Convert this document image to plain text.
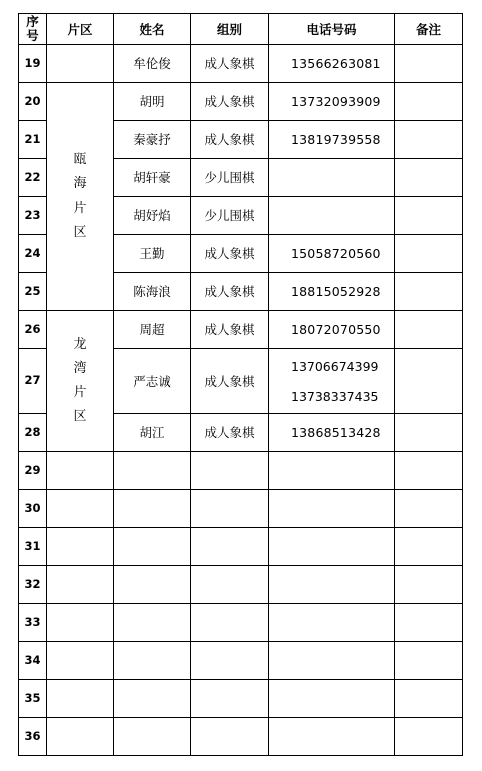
序
号	片区	姓名	组别	电话号码	备注
19		牟伦俊	成人象棋	13566263081	
20	瓯
海
片
区	胡明	成人象棋	13732093909	
21		秦豪抒	成人象棋	13819739558	
22		胡轩豪	少儿围棋		
23		胡妤焰	少儿围棋		
24		王勤	成人象棋	15058720560	
25		陈海浪	成人象棋	18815052928	
26	龙
湾
片
区	周超	成人象棋	18072070550	
27		严志诚	成人象棋	13706674399
13738337435	

28		胡江	成人象棋	13868513428	
29					
30					
31					
32					
33					
34					
35					
36					
